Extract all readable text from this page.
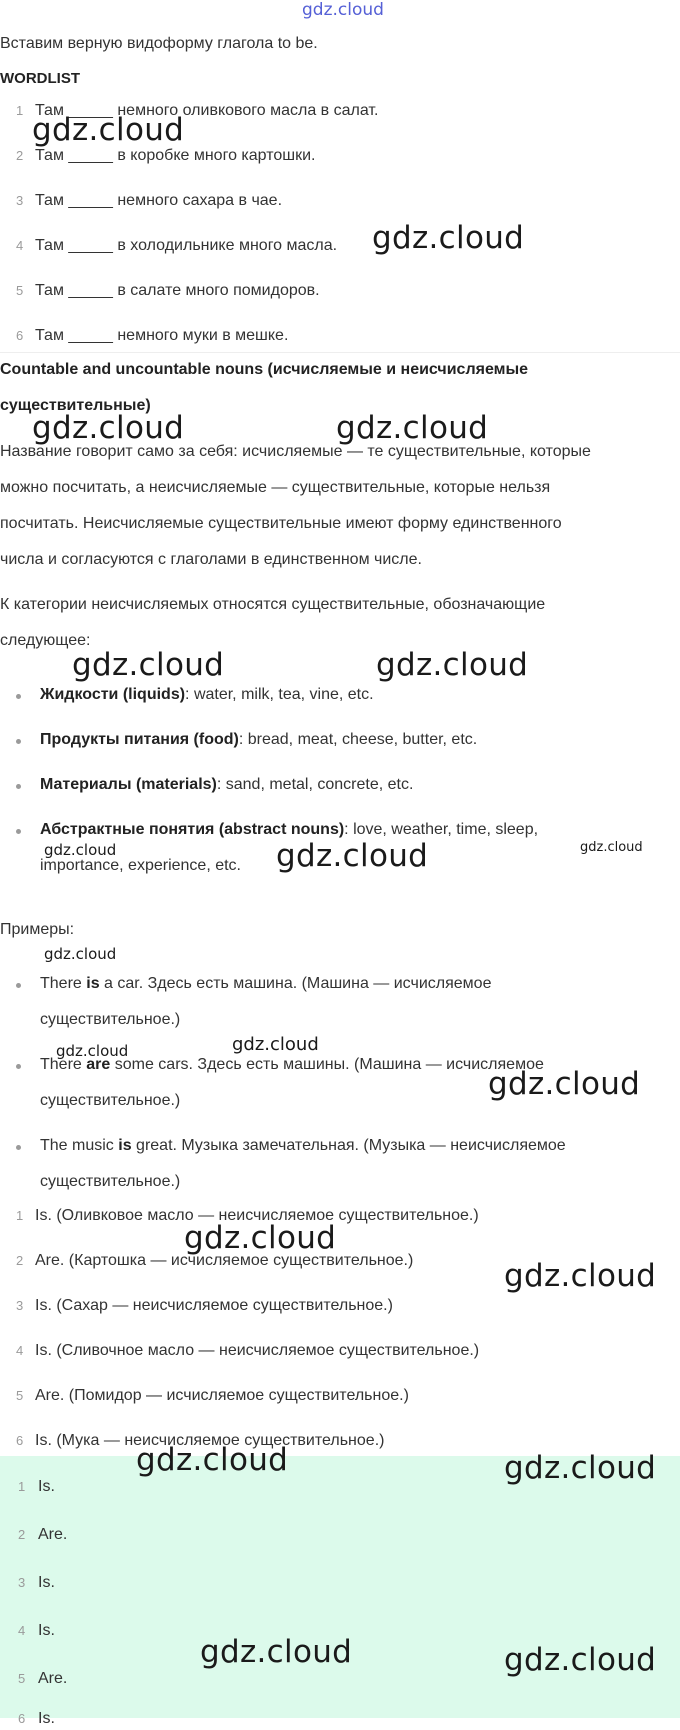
gdz.cloud
Вставим верную видоформу глагола to be.
WORDLIST
1 Там _____ немного оливкового масла в салат.
2 Там _____ в коробке много картошки.
3 Там _____ немного сахара в чае.
4 Там _____ в холодильнике много масла.
5 Там _____ в салате много помидоров.
6 Там _____ немного муки в мешке.
Countable and uncountable nouns (исчисляемые и неисчисляемые
существительные)
Название говорит само за себя: исчисляемые — те существительные, которые
можно посчитать, а неисчисляемые — существительные, которые нельзя
посчитать. Неисчисляемые существительные имеют форму единственного
числа и согласуются с глаголами в единственном числе.
К категории неисчисляемых относятся существительные, обозначающие
следующее:
Жидкости (liquids): water, milk, tea, vine, etc.
Продукты питания (food): bread, meat, cheese, butter, etc.
Материалы (materials): sand, metal, concrete, etc.
Абстрактные понятия (abstract nouns): love, weather, time, sleep,
importance, experience, etc.
Примеры:
There is a car. Здесь есть машина. (Машина — исчисляемое
существительное.)
There are some cars. Здесь есть машины. (Машина — исчисляемое
существительное.)
The music is great. Музыка замечательная. (Музыка — неисчисляемое
существительное.)
1 Is. (Оливковое масло — неисчисляемое существительное.)
2 Are. (Картошка — исчисляемое существительное.)
3 Is. (Сахар — неисчисляемое существительное.)
4 Is. (Сливочное масло — неисчисляемое существительное.)
5 Are. (Помидор — исчисляемое существительное.)
6 Is. (Мука — неисчисляемое существительное.)
1 Is.
2 Are.
3 Is.
4 Is.
5 Are.
6 Is.
gdz.cloud
gdz.cloud
gdz.cloud	gdz.cloud
gdz.cloud	gdz.cloud
gdz.cloud	gdz.cloud	gdz.cloud
gdz.cloud
gdz.cloud	gdz.cloud
gdz.cloud
gdz.cloud
gdz.cloud
gdz.cloud	gdz.cloud
gdz.cloud	gdz.cloud
